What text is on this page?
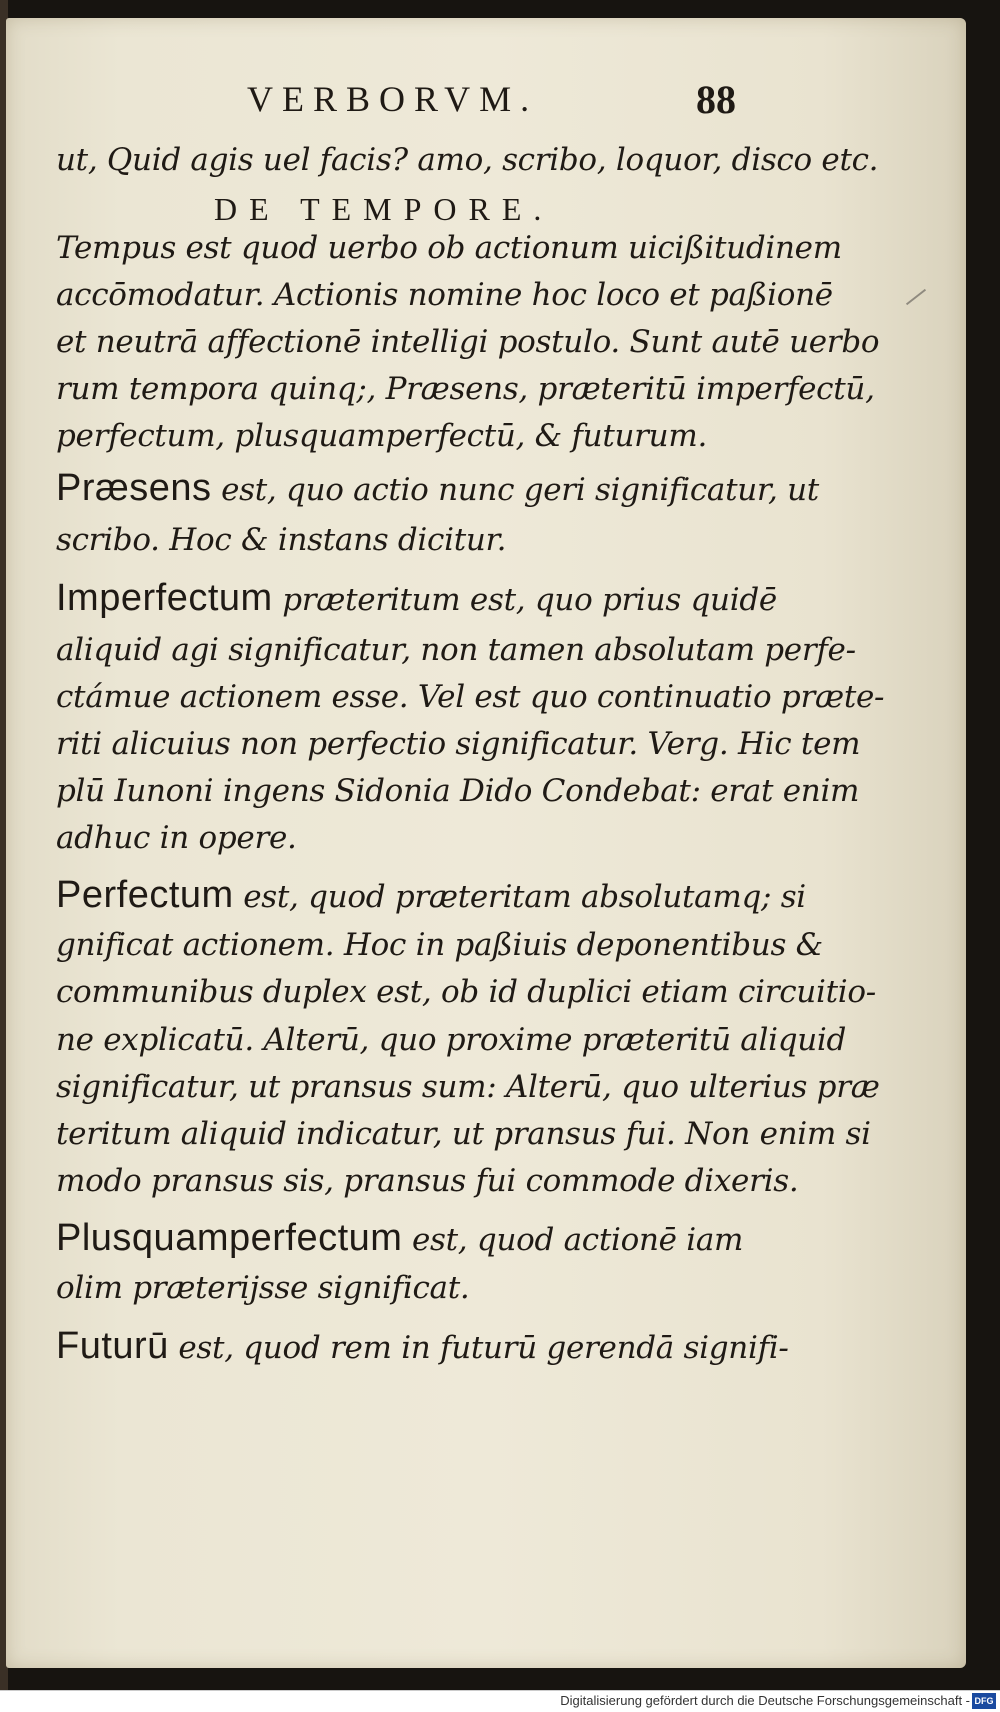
VERBORVM.	88
ut, Quid agis uel facis? amo, scribo, loquor, disco etc.
DE TEMPORE.
Tempus est quod uerbo ob actionum uicißitudinem
accōmodatur. Actionis nomine hoc loco et paßionē
et neutrā affectionē intelligi postulo. Sunt autē uerbo
rum tempora quinq;, Præsens, præteritū imperfectū,
perfectum, plusquamperfectū, & futurum.
Præsens est, quo actio nunc geri significatur, ut
scribo. Hoc & instans dicitur.
Imperfectum præteritum est, quo prius quidē
aliquid agi significatur, non tamen absolutam perfe-
ctámue actionem esse. Vel est quo continuatio præte-
riti alicuius non perfectio significatur. Verg. Hic tem
plū Iunoni ingens Sidonia Dido Condebat: erat enim
adhuc in opere.
Perfectum est, quod præteritam absolutamq; si
gnificat actionem. Hoc in paßiuis deponentibus &
communibus duplex est, ob id duplici etiam circuitio-
ne explicatū. Alterū, quo proxime præteritū aliquid
significatur, ut pransus sum: Alterū, quo ulterius præ
teritum aliquid indicatur, ut pransus fui. Non enim si
modo pransus sis, pransus fui commode dixeris.
Plusquamperfectum est, quod actionē iam
olim præterijsse significat.
Futurū est, quod rem in futurū gerendā signifi-
Digitalisierung gefördert durch die Deutsche Forschungsgemeinschaft - DFG
